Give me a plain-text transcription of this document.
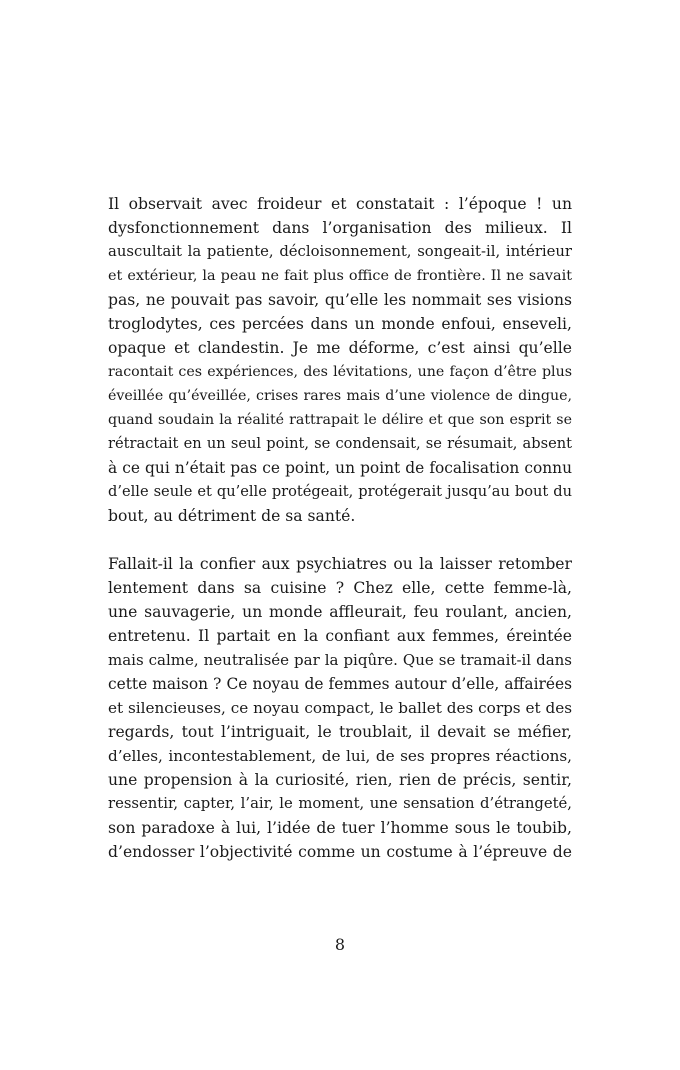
Il observait avec froideur et constatait : l’époque ! un
dysfonctionnement dans l’organisation des milieux. Il
auscultait la patiente, décloisonnement, songeait-il, intérieur
et extérieur, la peau ne fait plus office de frontière. Il ne savait
pas, ne pouvait pas savoir, qu’elle les nommait ses visions
troglodytes, ces percées dans un monde enfoui, enseveli,
opaque et clandestin. Je me déforme, c’est ainsi qu’elle
racontait ces expériences, des lévitations, une façon d’être plus
éveillée qu’éveillée, crises rares mais d’une violence de dingue,
quand soudain la réalité rattrapait le délire et que son esprit se
rétractait en un seul point, se condensait, se résumait, absent
à ce qui n’était pas ce point, un point de focalisation connu
d’elle seule et qu’elle protégeait, protégerait jusqu’au bout du
bout, au détriment de sa santé.
Fallait-il la confier aux psychiatres ou la laisser retomber
lentement dans sa cuisine ? Chez elle, cette femme-là,
une sauvagerie, un monde affleurait, feu roulant, ancien,
entretenu. Il partait en la confiant aux femmes, éreintée
mais calme, neutralisée par la piqûre. Que se tramait-il dans
cette maison ? Ce noyau de femmes autour d’elle, affairées
et silencieuses, ce noyau compact, le ballet des corps et des
regards, tout l’intriguait, le troublait, il devait se méfier,
d’elles, incontestablement, de lui, de ses propres réactions,
une propension à la curiosité, rien, rien de précis, sentir,
ressentir, capter, l’air, le moment, une sensation d’étrangeté,
son paradoxe à lui, l’idée de tuer l’homme sous le toubib,
d’endosser l’objectivité comme un costume à l’épreuve de
8
